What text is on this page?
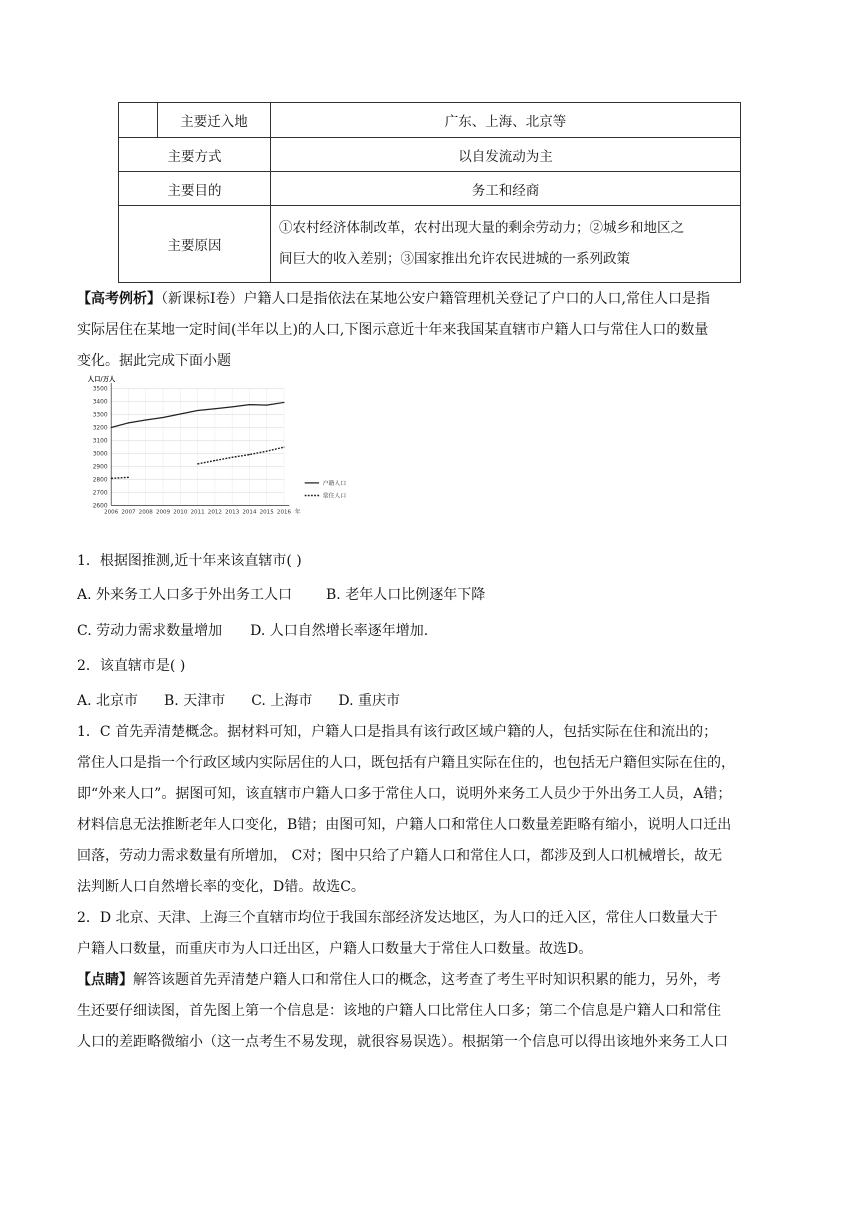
	主要迁入地	广东、上海、北京等
主要方式		以自发流动为主
主要目的		务工和经商
主要原因		①农村经济体制改革，农村出现大量的剩余劳动力；②城乡和地区之
间巨大的收入差别；③国家推出允许农民进城的一系列政策
【高考例析】（新课标Ⅰ卷）户籍人口是指依法在某地公安户籍管理机关登记了户口的人口,常住人口是指
实际居住在某地一定时间(半年以上)的人口,下图示意近十年来我国某直辖市户籍人口与常住人口的数量
变化。据此完成下面小题
2600
2700
2800
2900
3000
3100
3200
3300
3400
3500
2006 2007 2008 2009 2010 2011 2012 2013 2014 2015 2016
人口/万人
年
户籍人口
常住人口
1．根据图推测,近十年来该直辖市( )
A. 外来务工人口多于外出务工人口 B. 老年人口比例逐年下降
C. 劳动力需求数量增加 D. 人口自然增长率逐年增加.
2．该直辖市是( )
A. 北京市 B. 天津市 C. 上海市 D. 重庆市
1．C 首先弄清楚概念。据材料可知，户籍人口是指具有该行政区域户籍的人，包括实际在住和流出的；
常住人口是指一个行政区域内实际居住的人口，既包括有户籍且实际在住的，也包括无户籍但实际在住的，
即“外来人口”。据图可知，该直辖市户籍人口多于常住人口，说明外来务工人员少于外出务工人员，A错；
材料信息无法推断老年人口变化，B错；由图可知，户籍人口和常住人口数量差距略有缩小，说明人口迁出
回落，劳动力需求数量有所增加， C对；图中只给了户籍人口和常住人口，都涉及到人口机械增长，故无
法判断人口自然增长率的变化，D错。故选C。
2．D 北京、天津、上海三个直辖市均位于我国东部经济发达地区，为人口的迁入区，常住人口数量大于
户籍人口数量，而重庆市为人口迁出区，户籍人口数量大于常住人口数量。故选D。
【点睛】解答该题首先弄清楚户籍人口和常住人口的概念，这考查了考生平时知识积累的能力，另外，考
生还要仔细读图，首先图上第一个信息是：该地的户籍人口比常住人口多；第二个信息是户籍人口和常住
人口的差距略微缩小（这一点考生不易发现，就很容易误选）。根据第一个信息可以得出该地外来务工人口
